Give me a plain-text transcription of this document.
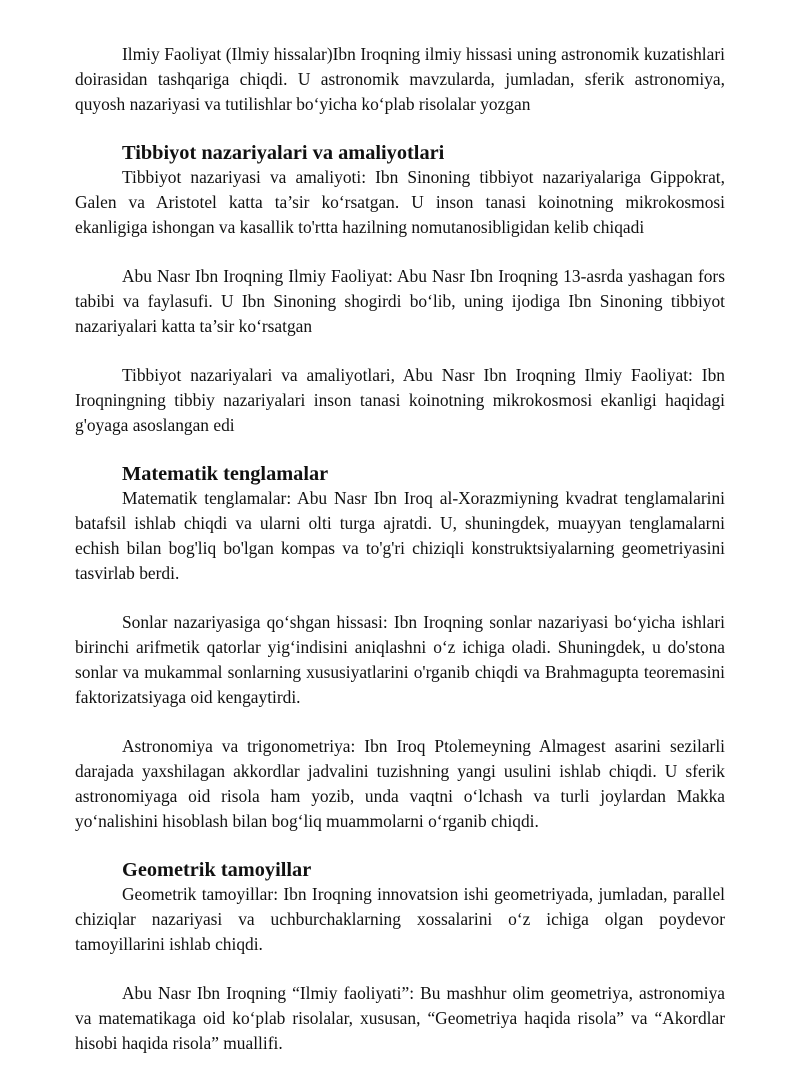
Ilmiy Faoliyat (Ilmiy hissalar)Ibn Iroqning ilmiy hissasi uning astronomik kuzatishlari doirasidan tashqariga chiqdi. U astronomik mavzularda, jumladan, sferik astronomiya, quyosh nazariyasi va tutilishlar bo‘yicha ko‘plab risolalar yozgan

Tibbiyot nazariyalari va amaliyotlari

Tibbiyot nazariyasi va amaliyoti: Ibn Sinoning tibbiyot nazariyalariga Gippokrat, Galen va Aristotel katta ta’sir ko‘rsatgan. U inson tanasi koinotning mikrokosmosi ekanligiga ishongan va kasallik to'rtta hazilning nomutanosibligidan kelib chiqadi

Abu Nasr Ibn Iroqning Ilmiy Faoliyat: Abu Nasr Ibn Iroqning 13-asrda yashagan fors tabibi va faylasufi. U Ibn Sinoning shogirdi bo‘lib, uning ijodiga Ibn Sinoning tibbiyot nazariyalari katta ta’sir ko‘rsatgan

Tibbiyot nazariyalari va amaliyotlari, Abu Nasr Ibn Iroqning Ilmiy Faoliyat: Ibn Iroqningning tibbiy nazariyalari inson tanasi koinotning mikrokosmosi ekanligi haqidagi g'oyaga asoslangan edi

Matematik tenglamalar

Matematik tenglamalar: Abu Nasr Ibn Iroq al-Xorazmiyning kvadrat tenglamalarini batafsil ishlab chiqdi va ularni olti turga ajratdi. U, shuningdek, muayyan tenglamalarni echish bilan bog'liq bo'lgan kompas va to'g'ri chiziqli konstruktsiyalarning geometriyasini tasvirlab berdi.

Sonlar nazariyasiga qo‘shgan hissasi: Ibn Iroqning sonlar nazariyasi bo‘yicha ishlari birinchi arifmetik qatorlar yig‘indisini aniqlashni o‘z ichiga oladi. Shuningdek, u do'stona sonlar va mukammal sonlarning xususiyatlarini o'rganib chiqdi va Brahmagupta teoremasini faktorizatsiyaga oid kengaytirdi.

Astronomiya va trigonometriya: Ibn Iroq Ptolemeyning Almagest asarini sezilarli darajada yaxshilagan akkordlar jadvalini tuzishning yangi usulini ishlab chiqdi. U sferik astronomiyaga oid risola ham yozib, unda vaqtni o‘lchash va turli joylardan Makka yo‘nalishini hisoblash bilan bog‘liq muammolarni o‘rganib chiqdi.

Geometrik tamoyillar

Geometrik tamoyillar: Ibn Iroqning innovatsion ishi geometriyada, jumladan, parallel chiziqlar nazariyasi va uchburchaklarning xossalarini o‘z ichiga olgan poydevor tamoyillarini ishlab chiqdi.

Abu Nasr Ibn Iroqning “Ilmiy faoliyati”: Bu mashhur olim geometriya, astronomiya va matematikaga oid ko‘plab risolalar, xususan, “Geometriya haqida risola” va “Akordlar hisobi haqida risola” muallifi.
